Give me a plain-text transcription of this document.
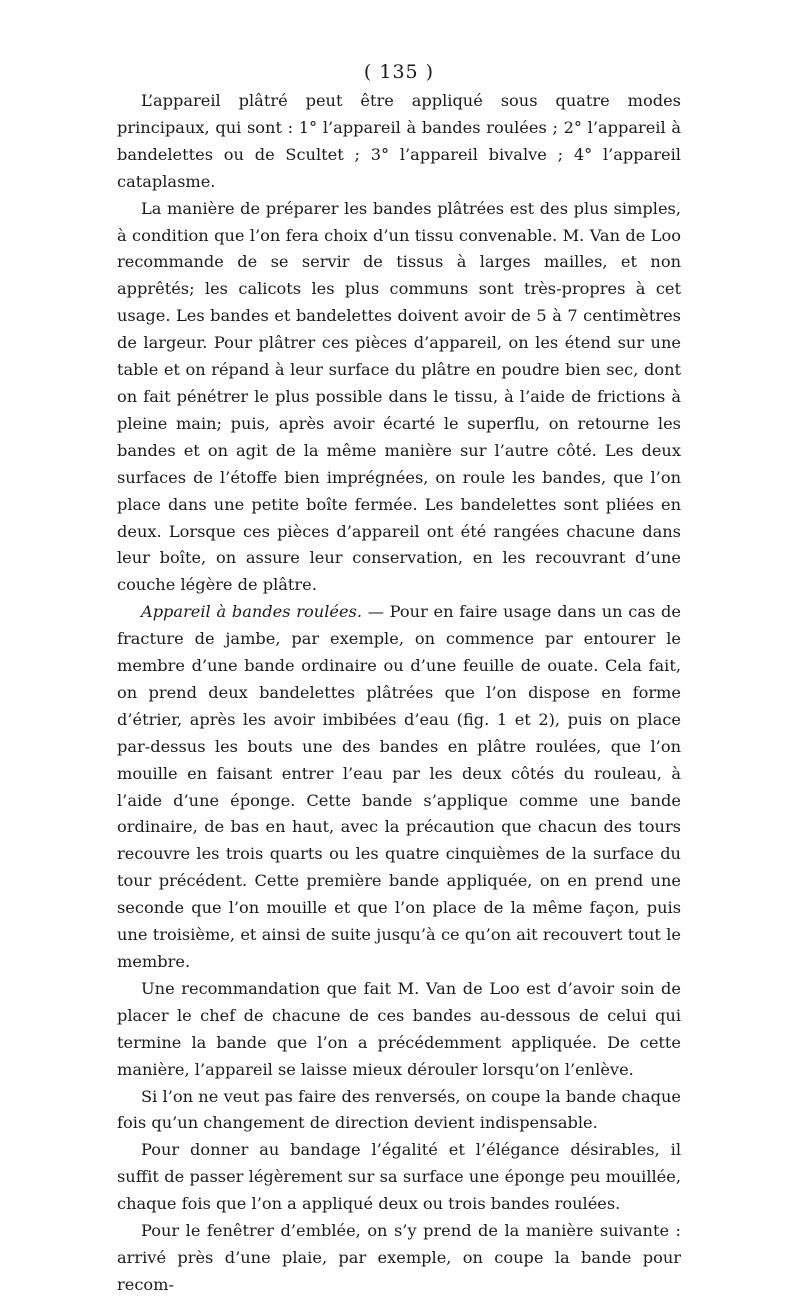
( 135 )

L’appareil plâtré peut être appliqué sous quatre modes principaux, qui sont : 1° l’appareil à bandes roulées ; 2° l’appareil à bandelettes ou de Scultet ; 3° l’appareil bivalve ; 4° l’appareil cataplasme.

La manière de préparer les bandes plâtrées est des plus simples, à condition que l’on fera choix d’un tissu convenable. M. Van de Loo recommande de se servir de tissus à larges mailles, et non apprêtés; les calicots les plus communs sont très-propres à cet usage. Les bandes et bandelettes doivent avoir de 5 à 7 centimètres de largeur. Pour plâtrer ces pièces d’appareil, on les étend sur une table et on répand à leur surface du plâtre en poudre bien sec, dont on fait pénétrer le plus possible dans le tissu, à l’aide de frictions à pleine main; puis, après avoir écarté le superflu, on retourne les bandes et on agit de la même manière sur l’autre côté. Les deux surfaces de l’étoffe bien imprégnées, on roule les bandes, que l’on place dans une petite boîte fermée. Les bandelettes sont pliées en deux. Lorsque ces pièces d’appareil ont été rangées chacune dans leur boîte, on assure leur conservation, en les recouvrant d’une couche légère de plâtre.

Appareil à bandes roulées. — Pour en faire usage dans un cas de fracture de jambe, par exemple, on commence par entourer le membre d’une bande ordinaire ou d’une feuille de ouate. Cela fait, on prend deux bandelettes plâtrées que l’on dispose en forme d’étrier, après les avoir imbibées d’eau (fig. 1 et 2), puis on place par-dessus les bouts une des bandes en plâtre roulées, que l’on mouille en faisant entrer l’eau par les deux côtés du rouleau, à l’aide d’une éponge. Cette bande s’applique comme une bande ordinaire, de bas en haut, avec la précaution que chacun des tours recouvre les trois quarts ou les quatre cinquièmes de la surface du tour précédent. Cette première bande appliquée, on en prend une seconde que l’on mouille et que l’on place de la même façon, puis une troisième, et ainsi de suite jusqu’à ce qu’on ait recouvert tout le membre.

Une recommandation que fait M. Van de Loo est d’avoir soin de placer le chef de chacune de ces bandes au-dessous de celui qui termine la bande que l’on a précédemment appliquée. De cette manière, l’appareil se laisse mieux dérouler lorsqu’on l’enlève.

Si l’on ne veut pas faire des renversés, on coupe la bande chaque fois qu’un changement de direction devient indispensable.

Pour donner au bandage l’égalité et l’élégance désirables, il suffit de passer légèrement sur sa surface une éponge peu mouillée, chaque fois que l’on a appliqué deux ou trois bandes roulées.

Pour le fenêtrer d’emblée, on s’y prend de la manière suivante : arrivé près d’une plaie, par exemple, on coupe la bande pour recom-
